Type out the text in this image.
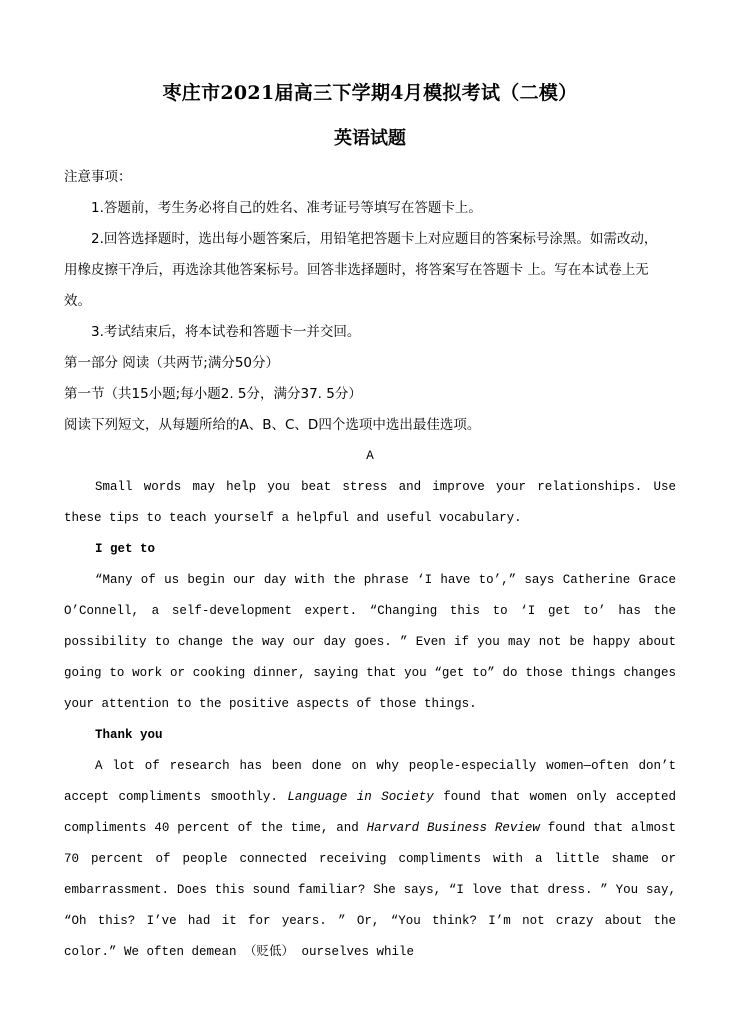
枣庄市2021届高三下学期4月模拟考试（二模）
英语试题

注意事项：

1.答题前，考生务必将自己的姓名、准考证号等填写在答题卡上。

2.回答选择题时，选出每小题答案后，用铅笔把答题卡上对应题目的答案标号涂黑。如需改动，

用橡皮擦干净后，再选涂其他答案标号。回答非选择题时，将答案写在答题卡 上。写在本试卷上无

效。

3.考试结束后，将本试卷和答题卡一并交回。

第一部分 阅读（共两节;满分50分）

第一节（共15小题;每小题2. 5分，满分37. 5分）

阅读下列短文，从每题所给的A、B、C、D四个选项中选出最佳选项。

A

Small words may help you beat stress and improve your relationships. Use these tips to teach yourself a helpful and useful vocabulary.

I get to

“Many of us begin our day with the phrase ‘I have to’,” says Catherine Grace O’Connell, a self-development expert. “Changing this to ‘I get to’ has the possibility to change the way our day goes. ” Even if you may not be happy about going to work or cooking dinner, saying that you “get to” do those things changes your attention to the positive aspects of those things.

Thank you

A lot of research has been done on why people-especially women—often don’t accept compliments smoothly. Language in Society found that women only accepted compliments 40 percent of the time, and Harvard Business Review found that almost 70 percent of people connected receiving compliments with a little shame or embarrassment. Does this sound familiar? She says, “I love that dress. ” You say, “Oh this? I’ve had it for years. ” Or, “You think? I’m not crazy about the color.” We often demean （贬低） ourselves while
